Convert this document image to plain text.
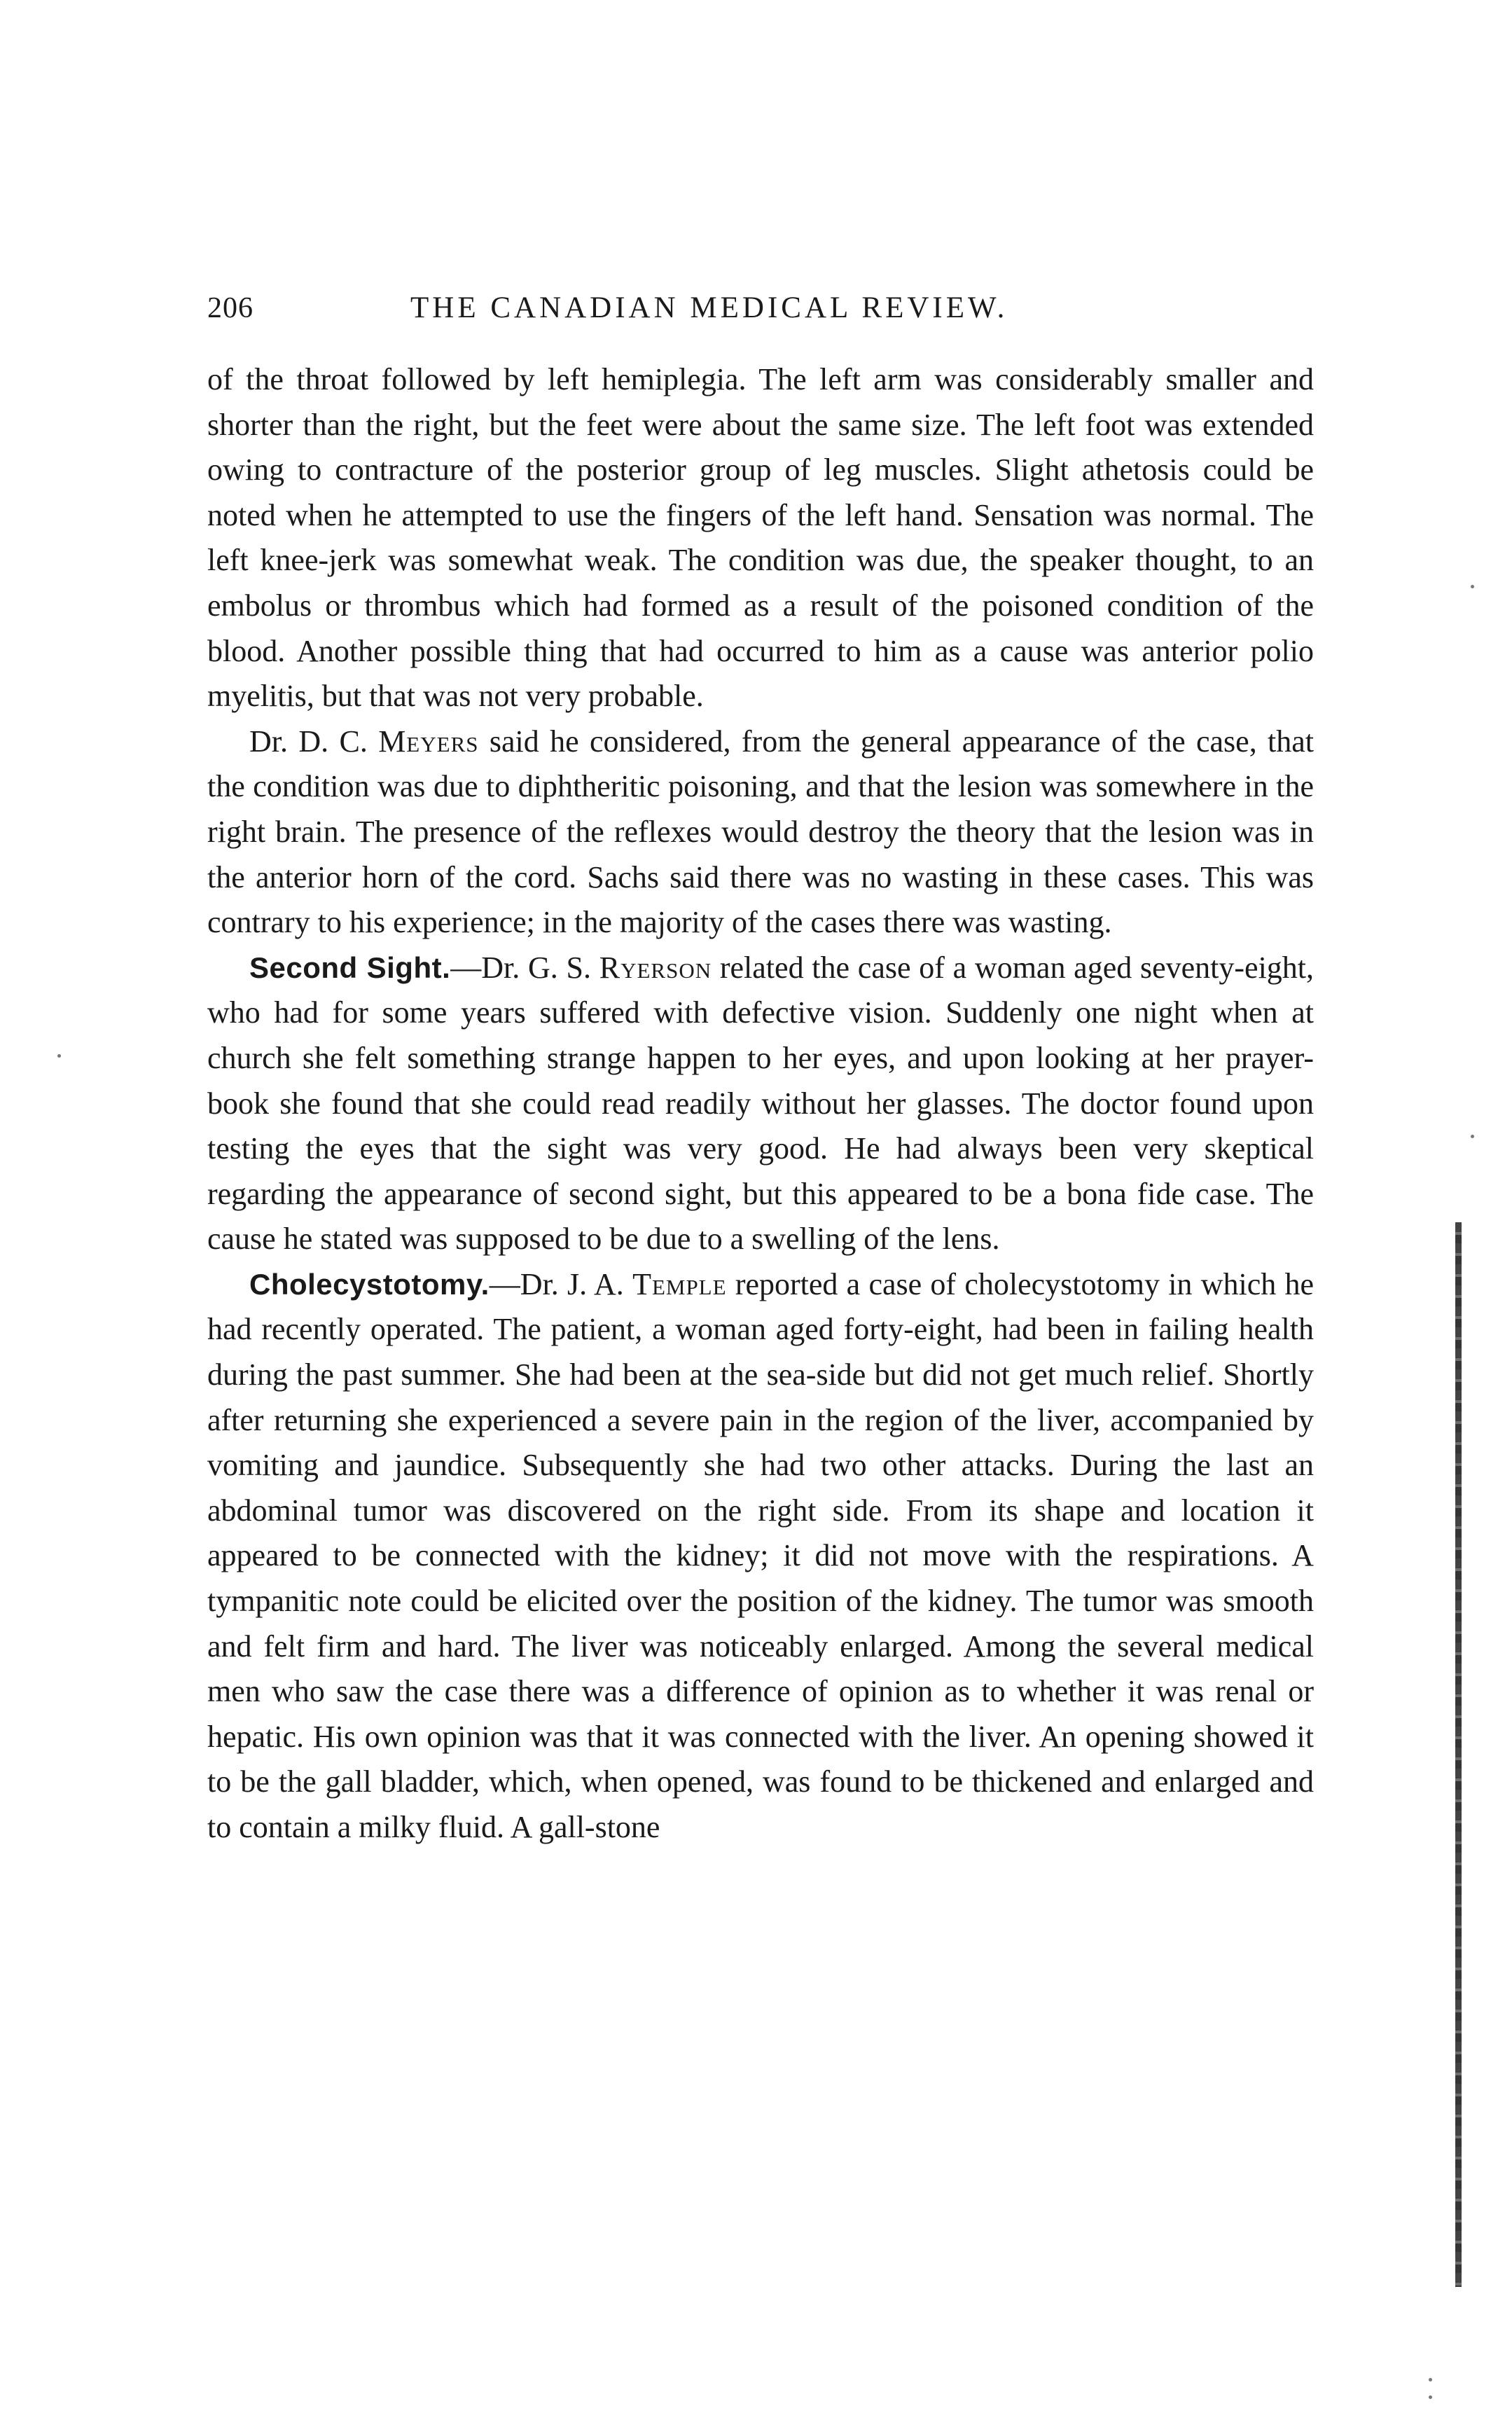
206	THE CANADIAN MEDICAL REVIEW.

of the throat followed by left hemiplegia. The left arm was considerably smaller and shorter than the right, but the feet were about the same size. The left foot was extended owing to contracture of the posterior group of leg muscles. Slight athetosis could be noted when he attempted to use the fingers of the left hand. Sensation was normal. The left knee-jerk was somewhat weak. The condition was due, the speaker thought, to an embolus or thrombus which had formed as a result of the poisoned condition of the blood. Another possible thing that had occurred to him as a cause was anterior polio myelitis, but that was not very probable.

Dr. D. C. Meyers said he considered, from the general appearance of the case, that the condition was due to diphtheritic poisoning, and that the lesion was somewhere in the right brain. The presence of the reflexes would destroy the theory that the lesion was in the anterior horn of the cord. Sachs said there was no wasting in these cases. This was contrary to his experience; in the majority of the cases there was wasting.

Second Sight.—Dr. G. S. Ryerson related the case of a woman aged seventy-eight, who had for some years suffered with defective vision. Suddenly one night when at church she felt something strange happen to her eyes, and upon looking at her prayer-book she found that she could read readily without her glasses. The doctor found upon testing the eyes that the sight was very good. He had always been very skeptical regarding the appearance of second sight, but this appeared to be a bona fide case. The cause he stated was supposed to be due to a swelling of the lens.

Cholecystotomy.—Dr. J. A. Temple reported a case of cholecystotomy in which he had recently operated. The patient, a woman aged forty-eight, had been in failing health during the past summer. She had been at the sea-side but did not get much relief. Shortly after returning she experienced a severe pain in the region of the liver, accompanied by vomiting and jaundice. Subsequently she had two other attacks. During the last an abdominal tumor was discovered on the right side. From its shape and location it appeared to be connected with the kidney; it did not move with the respirations. A tympanitic note could be elicited over the position of the kidney. The tumor was smooth and felt firm and hard. The liver was noticeably enlarged. Among the several medical men who saw the case there was a difference of opinion as to whether it was renal or hepatic. His own opinion was that it was connected with the liver. An opening showed it to be the gall bladder, which, when opened, was found to be thickened and enlarged and to contain a milky fluid. A gall-stone
